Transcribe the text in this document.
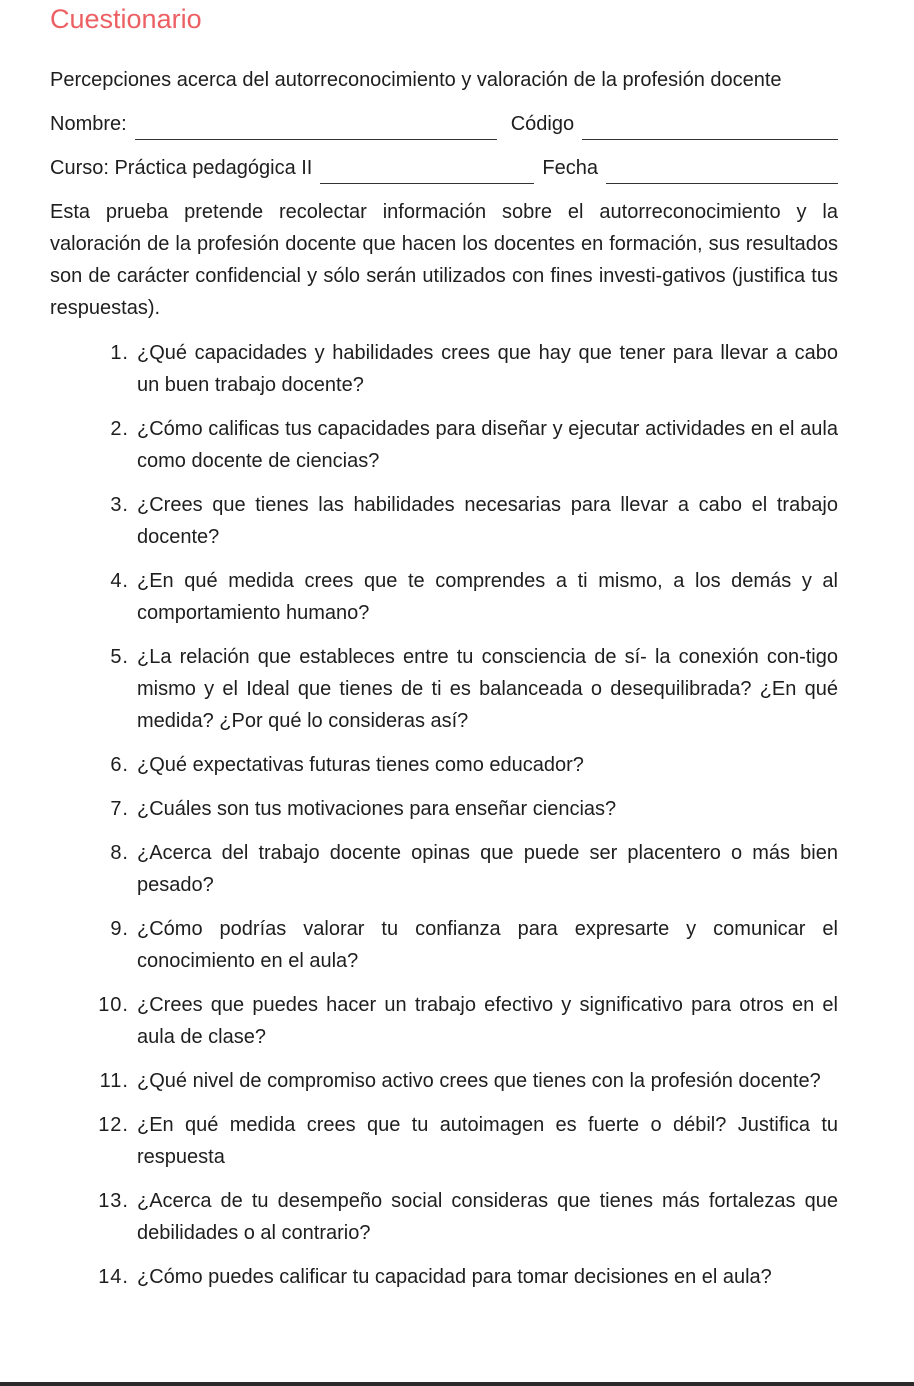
Cuestionario

Percepciones acerca del autorreconocimiento y valoración de la profesión docente

Nombre:	Código
Curso: Práctica pedagógica II	Fecha

Esta prueba pretende recolectar información sobre el autorreconocimiento y la valoración de la profesión docente que hacen los docentes en formación, sus resultados son de carácter confidencial y sólo serán utilizados con fines investi-gativos (justifica tus respuestas).

1. ¿Qué capacidades y habilidades crees que hay que tener para llevar a cabo un buen trabajo docente?
2. ¿Cómo calificas tus capacidades para diseñar y ejecutar actividades en el aula como docente de ciencias?
3. ¿Crees que tienes las habilidades necesarias para llevar a cabo el trabajo docente?
4. ¿En qué medida crees que te comprendes a ti mismo, a los demás y al comportamiento humano?
5. ¿La relación que estableces entre tu consciencia de sí- la conexión con-tigo mismo y el Ideal que tienes de ti es balanceada o desequilibrada? ¿En qué medida? ¿Por qué lo consideras así?
6. ¿Qué expectativas futuras tienes como educador?
7. ¿Cuáles son tus motivaciones para enseñar ciencias?
8. ¿Acerca del trabajo docente opinas que puede ser placentero o más bien pesado?
9. ¿Cómo podrías valorar tu confianza para expresarte y comunicar el conocimiento en el aula?
10. ¿Crees que puedes hacer un trabajo efectivo y significativo para otros en el aula de clase?
11. ¿Qué nivel de compromiso activo crees que tienes con la profesión docente?
12. ¿En qué medida crees que tu autoimagen es fuerte o débil? Justifica tu respuesta
13. ¿Acerca de tu desempeño social consideras que tienes más fortalezas que debilidades o al contrario?
14. ¿Cómo puedes calificar tu capacidad para tomar decisiones en el aula?
